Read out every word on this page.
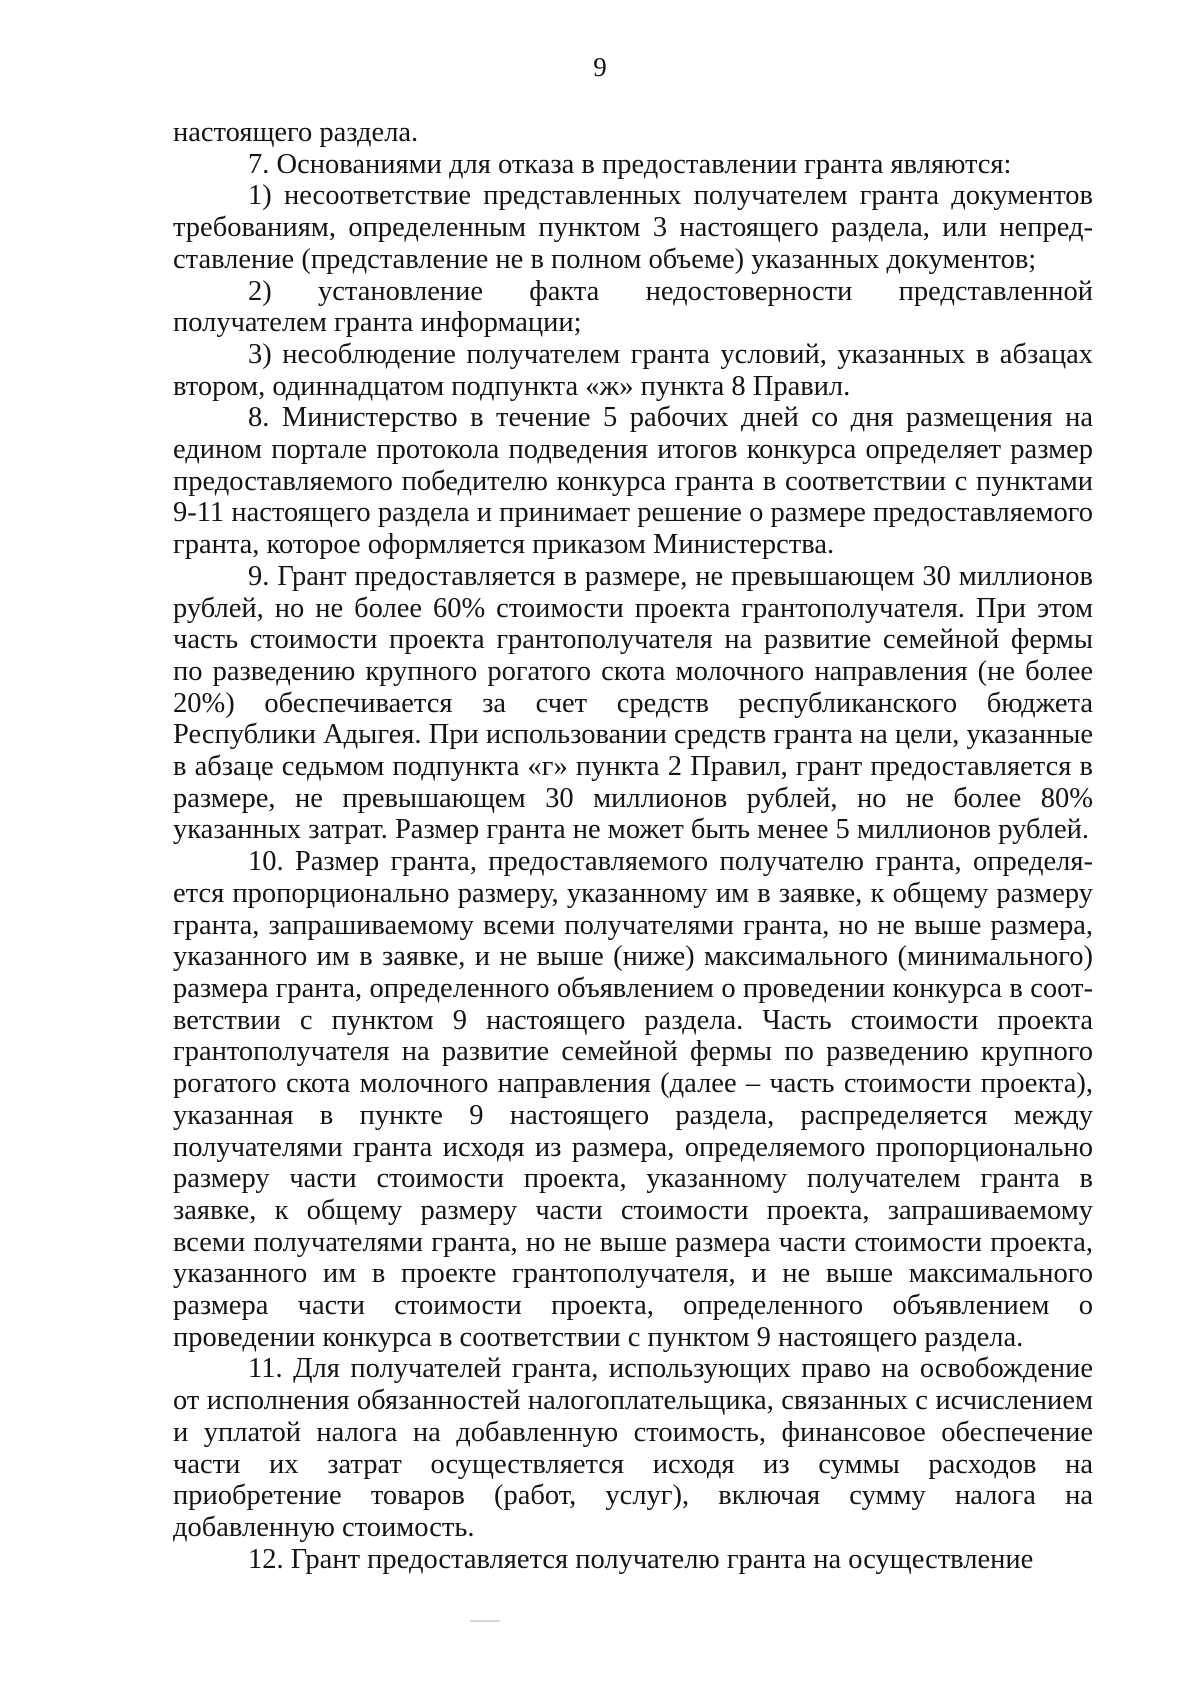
9

настоящего раздела.

7. Основаниями для отказа в предоставлении гранта являются:

1) несоответствие представленных получателем гранта документов требованиям, определенным пунктом 3 настоящего раздела, или непредставление (представление не в полном объеме) указанных документов;

2) установление факта недостоверности представленной получателем гранта информации;

3) несоблюдение получателем гранта условий, указанных в абзацах втором, одиннадцатом подпункта «ж» пункта 8 Правил.

8. Министерство в течение 5 рабочих дней со дня размещения на едином портале протокола подведения итогов конкурса определяет размер предоставляемого победителю конкурса гранта в соответствии с пунктами 9-11 настоящего раздела и принимает решение о размере предоставляемого гранта, которое оформляется приказом Министерства.

9. Грант предоставляется в размере, не превышающем 30 миллионов рублей, но не более 60% стоимости проекта грантополучателя. При этом часть стоимости проекта грантополучателя на развитие семейной фермы по разведению крупного рогатого скота молочного направления (не более 20%) обеспечивается за счет средств республиканского бюджета Республики Адыгея. При использовании средств гранта на цели, указанные в абзаце седьмом подпункта «г» пункта 2 Правил, грант предоставляется в размере, не превышающем 30 миллионов рублей, но не более 80% указанных затрат. Размер гранта не может быть менее 5 миллионов рублей.

10. Размер гранта, предоставляемого получателю гранта, определяется пропорционально размеру, указанному им в заявке, к общему размеру гранта, запрашиваемому всеми получателями гранта, но не выше размера, указанного им в заявке, и не выше (ниже) максимального (минимального) размера гранта, определенного объявлением о проведении конкурса в соответствии с пунктом 9 настоящего раздела. Часть стоимости проекта грантополучателя на развитие семейной фермы по разведению крупного рогатого скота молочного направления (далее – часть стоимости проекта), указанная в пункте 9 настоящего раздела, распределяется между получателями гранта исходя из размера, определяемого пропорционально размеру части стоимости проекта, указанному получателем гранта в заявке, к общему размеру части стоимости проекта, запрашиваемому всеми получателями гранта, но не выше размера части стоимости проекта, указанного им в проекте грантополучателя, и не выше максимального размера части стоимости проекта, определенного объявлением о проведении конкурса в соответствии с пунктом 9 настоящего раздела.

11. Для получателей гранта, использующих право на освобождение от исполнения обязанностей налогоплательщика, связанных с исчислением и уплатой налога на добавленную стоимость, финансовое обеспечение части их затрат осуществляется исходя из суммы расходов на приобретение товаров (работ, услуг), включая сумму налога на добавленную стоимость.

12. Грант предоставляется получателю гранта на осуществление
